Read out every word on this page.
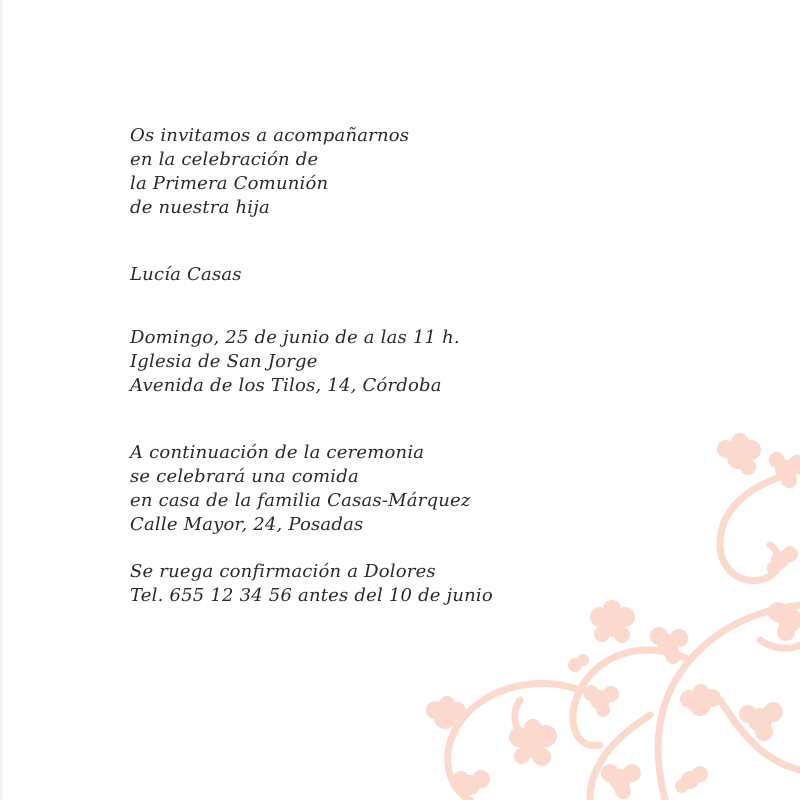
Os invitamos a acompañarnos
en la celebración de
la Primera Comunión
de nuestra hija
Lucía Casas
Domingo, 25 de junio de a las 11 h.
Iglesia de San Jorge
Avenida de los Tilos, 14, Córdoba
A continuación de la ceremonia
se celebrará una comida
en casa de la familia Casas-Márquez
Calle Mayor, 24, Posadas
Se ruega confirmación a Dolores
Tel. 655 12 34 56 antes del 10 de junio
